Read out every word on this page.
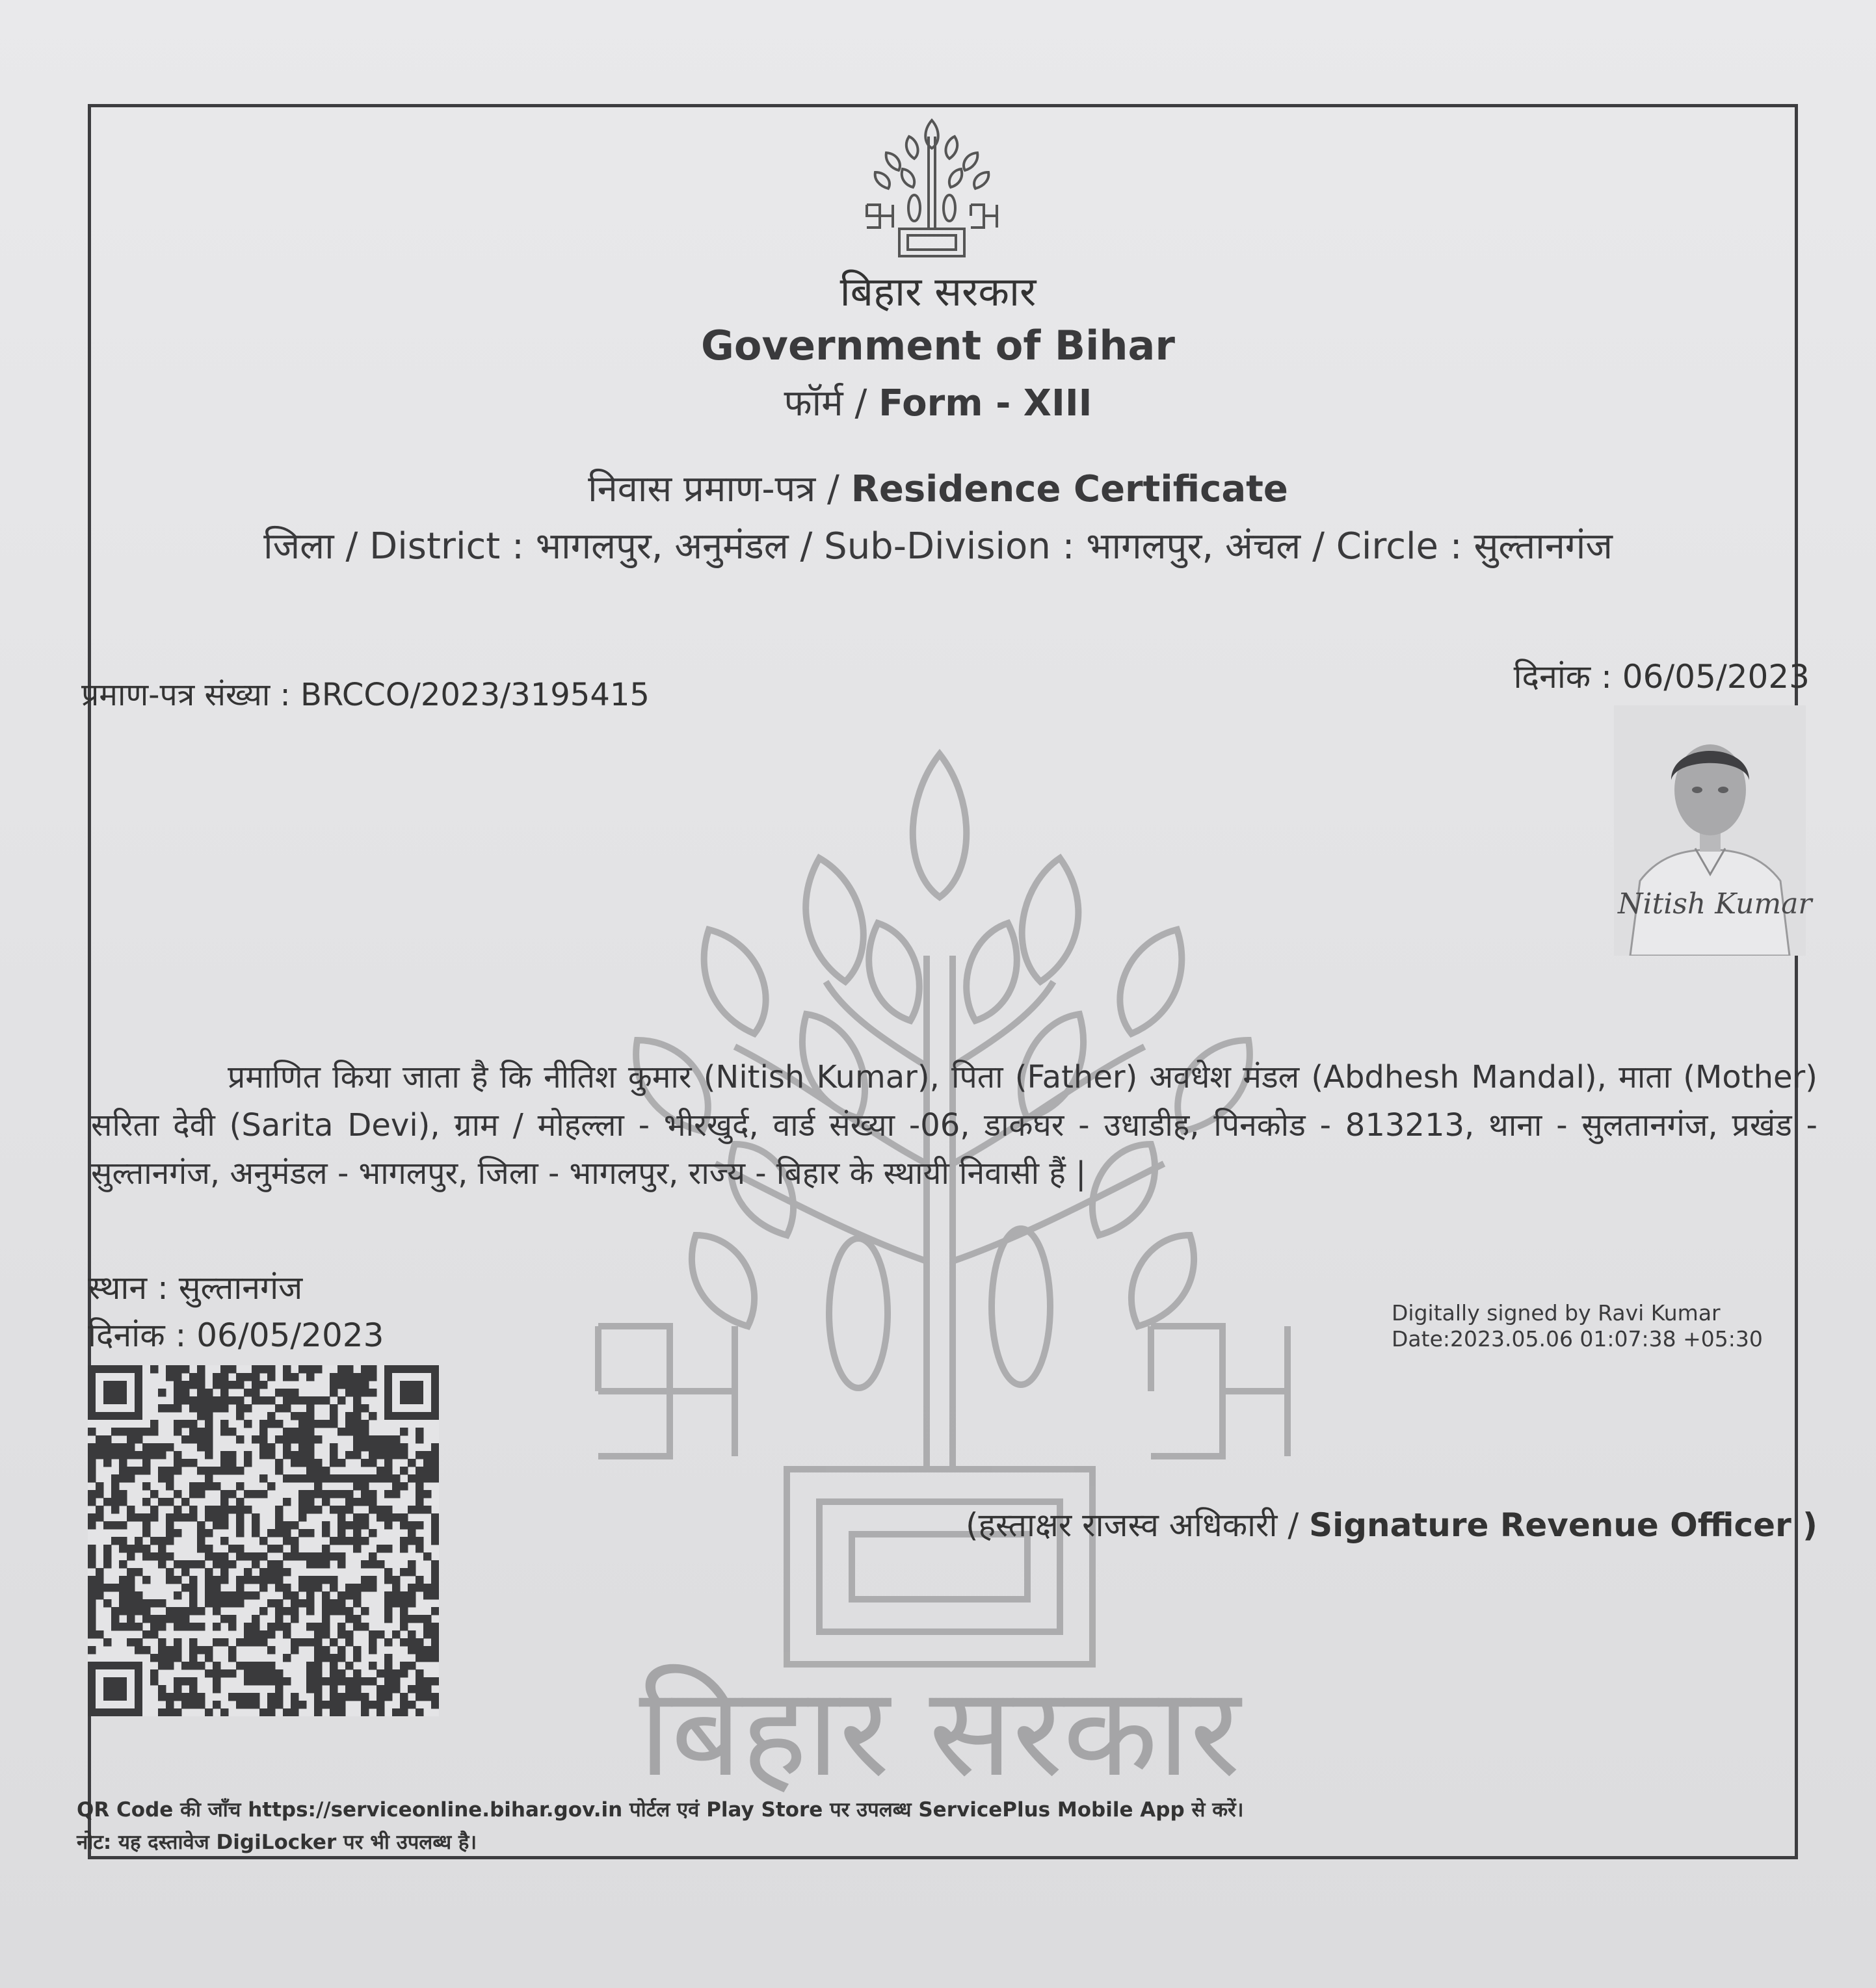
बिहार सरकार
बिहार सरकार
Government of Bihar
फॉर्म / Form - XIII
निवास प्रमाण-पत्र / Residence Certificate
जिला / District : भागलपुर, अनुमंडल / Sub-Division : भागलपुर, अंचल / Circle : सुल्तानगंज
प्रमाण-पत्र संख्या : BRCCO/2023/3195415	दिनांक : 06/05/2023
Nitish Kumar
प्रमाणित किया जाता है कि नीतिश कुमार (Nitish Kumar), पिता (Father) अवधेश मंडल (Abdhesh Mandal), माता (Mother) सरिता देवी (Sarita Devi), ग्राम / मोहल्ला - भीरखुर्द, वार्ड संख्या -06, डाकघर - उधाडीह, पिनकोड - 813213, थाना - सुलतानगंज, प्रखंड - सुल्तानगंज, अनुमंडल - भागलपुर, जिला - भागलपुर, राज्य - बिहार के स्थायी निवासी हैं |
स्थान : सुल्तानगंज
दिनांक : 06/05/2023
Digitally signed by Ravi Kumar
Date:2023.05.06 01:07:38 +05:30
(हस्ताक्षर राजस्व अधिकारी / Signature Revenue Officer )
QR Code की जाँच https://serviceonline.bihar.gov.in पोर्टल एवं Play Store पर उपलब्ध ServicePlus Mobile App से करें।
नोट: यह दस्तावेज DigiLocker पर भी उपलब्ध है।
